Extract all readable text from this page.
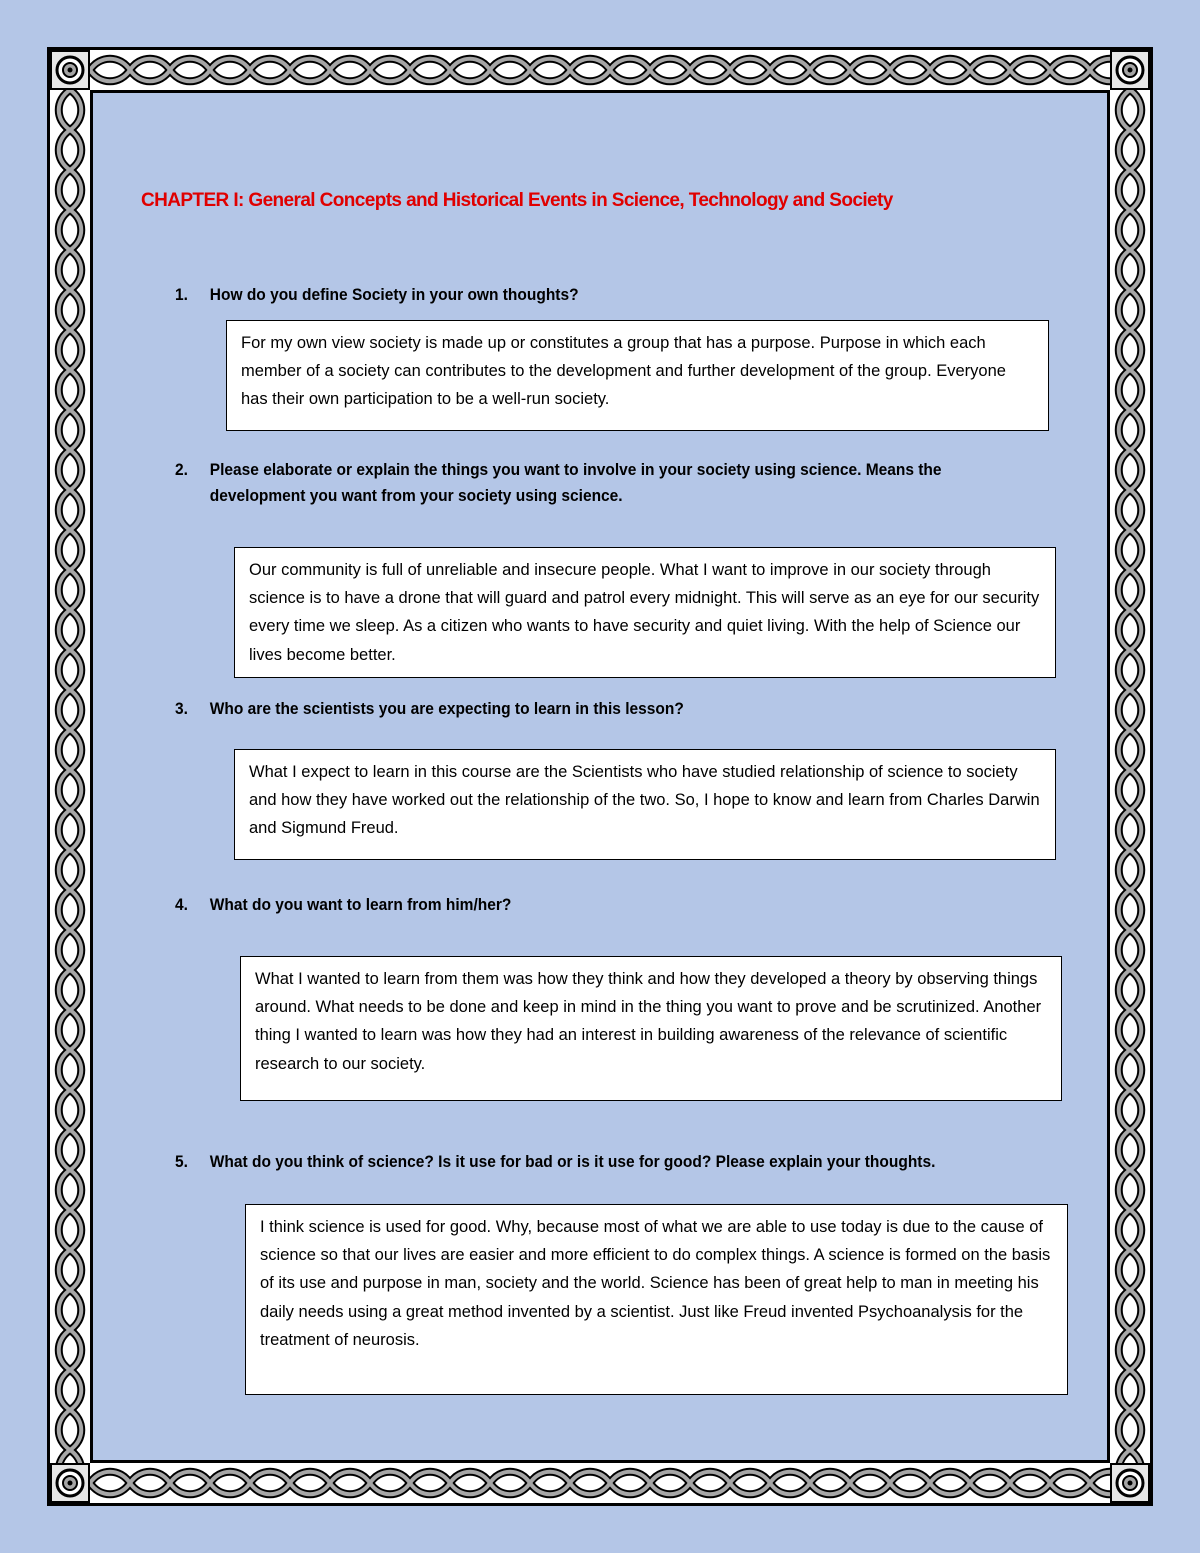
CHAPTER I: General Concepts and Historical Events in Science, Technology and Society
1.	How do you define Society in your own thoughts?
For my own view society is made up or constitutes a group that has a purpose. Purpose in which each member of a society can contributes to the development and further development of the group. Everyone has their own participation to be a well-run society.
2.	Please elaborate or explain the things you want to involve in your society using science. Means the development you want from your society using science.
Our community is full of unreliable and insecure people. What I want to improve in our society through science is to have a drone that will guard and patrol every midnight. This will serve as an eye for our security every time we sleep. As a citizen who wants to have security and quiet living. With the help of Science our lives become better.
3.	Who are the scientists you are expecting to learn in this lesson?
What I expect to learn in this course are the Scientists who have studied relationship of science to society and how they have worked out the relationship of the two. So, I hope to know and learn from Charles Darwin and Sigmund Freud.
4.	What do you want to learn from him/her?
What I wanted to learn from them was how they think and how they developed a theory by observing things around. What needs to be done and keep in mind in the thing you want to prove and be scrutinized. Another thing I wanted to learn was how they had an interest in building awareness of the relevance of scientific research to our society.
5.	What do you think of science? Is it use for bad or is it use for good? Please explain your thoughts.
I think science is used for good. Why, because most of what we are able to use today is due to the cause of science so that our lives are easier and more efficient to do complex things. A science is formed on the basis of its use and purpose in man, society and the world. Science has been of great help to man in meeting his daily needs using a great method invented by a scientist. Just like Freud invented Psychoanalysis for the treatment of neurosis.
